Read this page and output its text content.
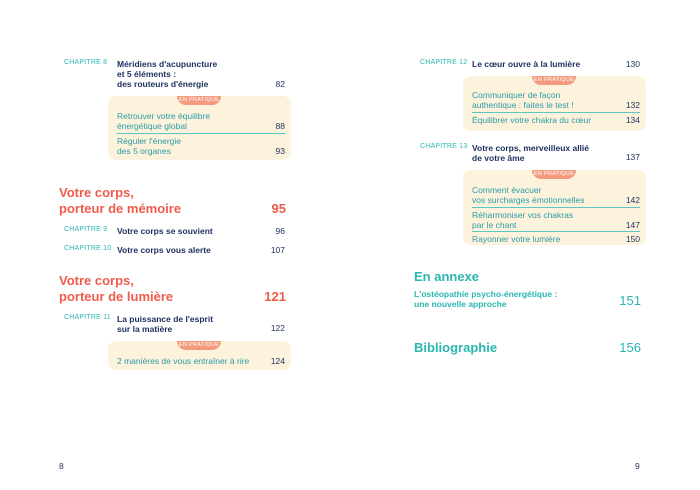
CHAPITRE 8 Méridiens d'acupuncture
et 5 éléments :
des routeurs d'énergie	82
EN PRATIQUE
Retrouver votre équilibre
énergétique global	88
Réguler l'énergie
des 5 organes	93
Votre corps,
porteur de mémoire	95
CHAPITRE 9 Votre corps se souvient	96
CHAPITRE 10 Votre corps vous alerte	107
Votre corps,
porteur de lumière	121
CHAPITRE 11 La puissance de l'esprit
sur la matière	122
EN PRATIQUE
2 manières de vous entraîner à rire	124
8
CHAPITRE 12 Le cœur ouvre à la lumière	130
EN PRATIQUE
Communiquer de façon
authentique : faites le test !	132
Équilibrer votre chakra du cœur	134
CHAPITRE 13 Votre corps, merveilleux allié
de votre âme	137
EN PRATIQUE
Comment évacuer
vos surcharges émotionnelles	142
Réharmoniser vos chakras
par le chant	147
Rayonner votre lumière	150
En annexe
L'ostéopathie psycho-énergétique :
une nouvelle approche	151
Bibliographie	156
9
